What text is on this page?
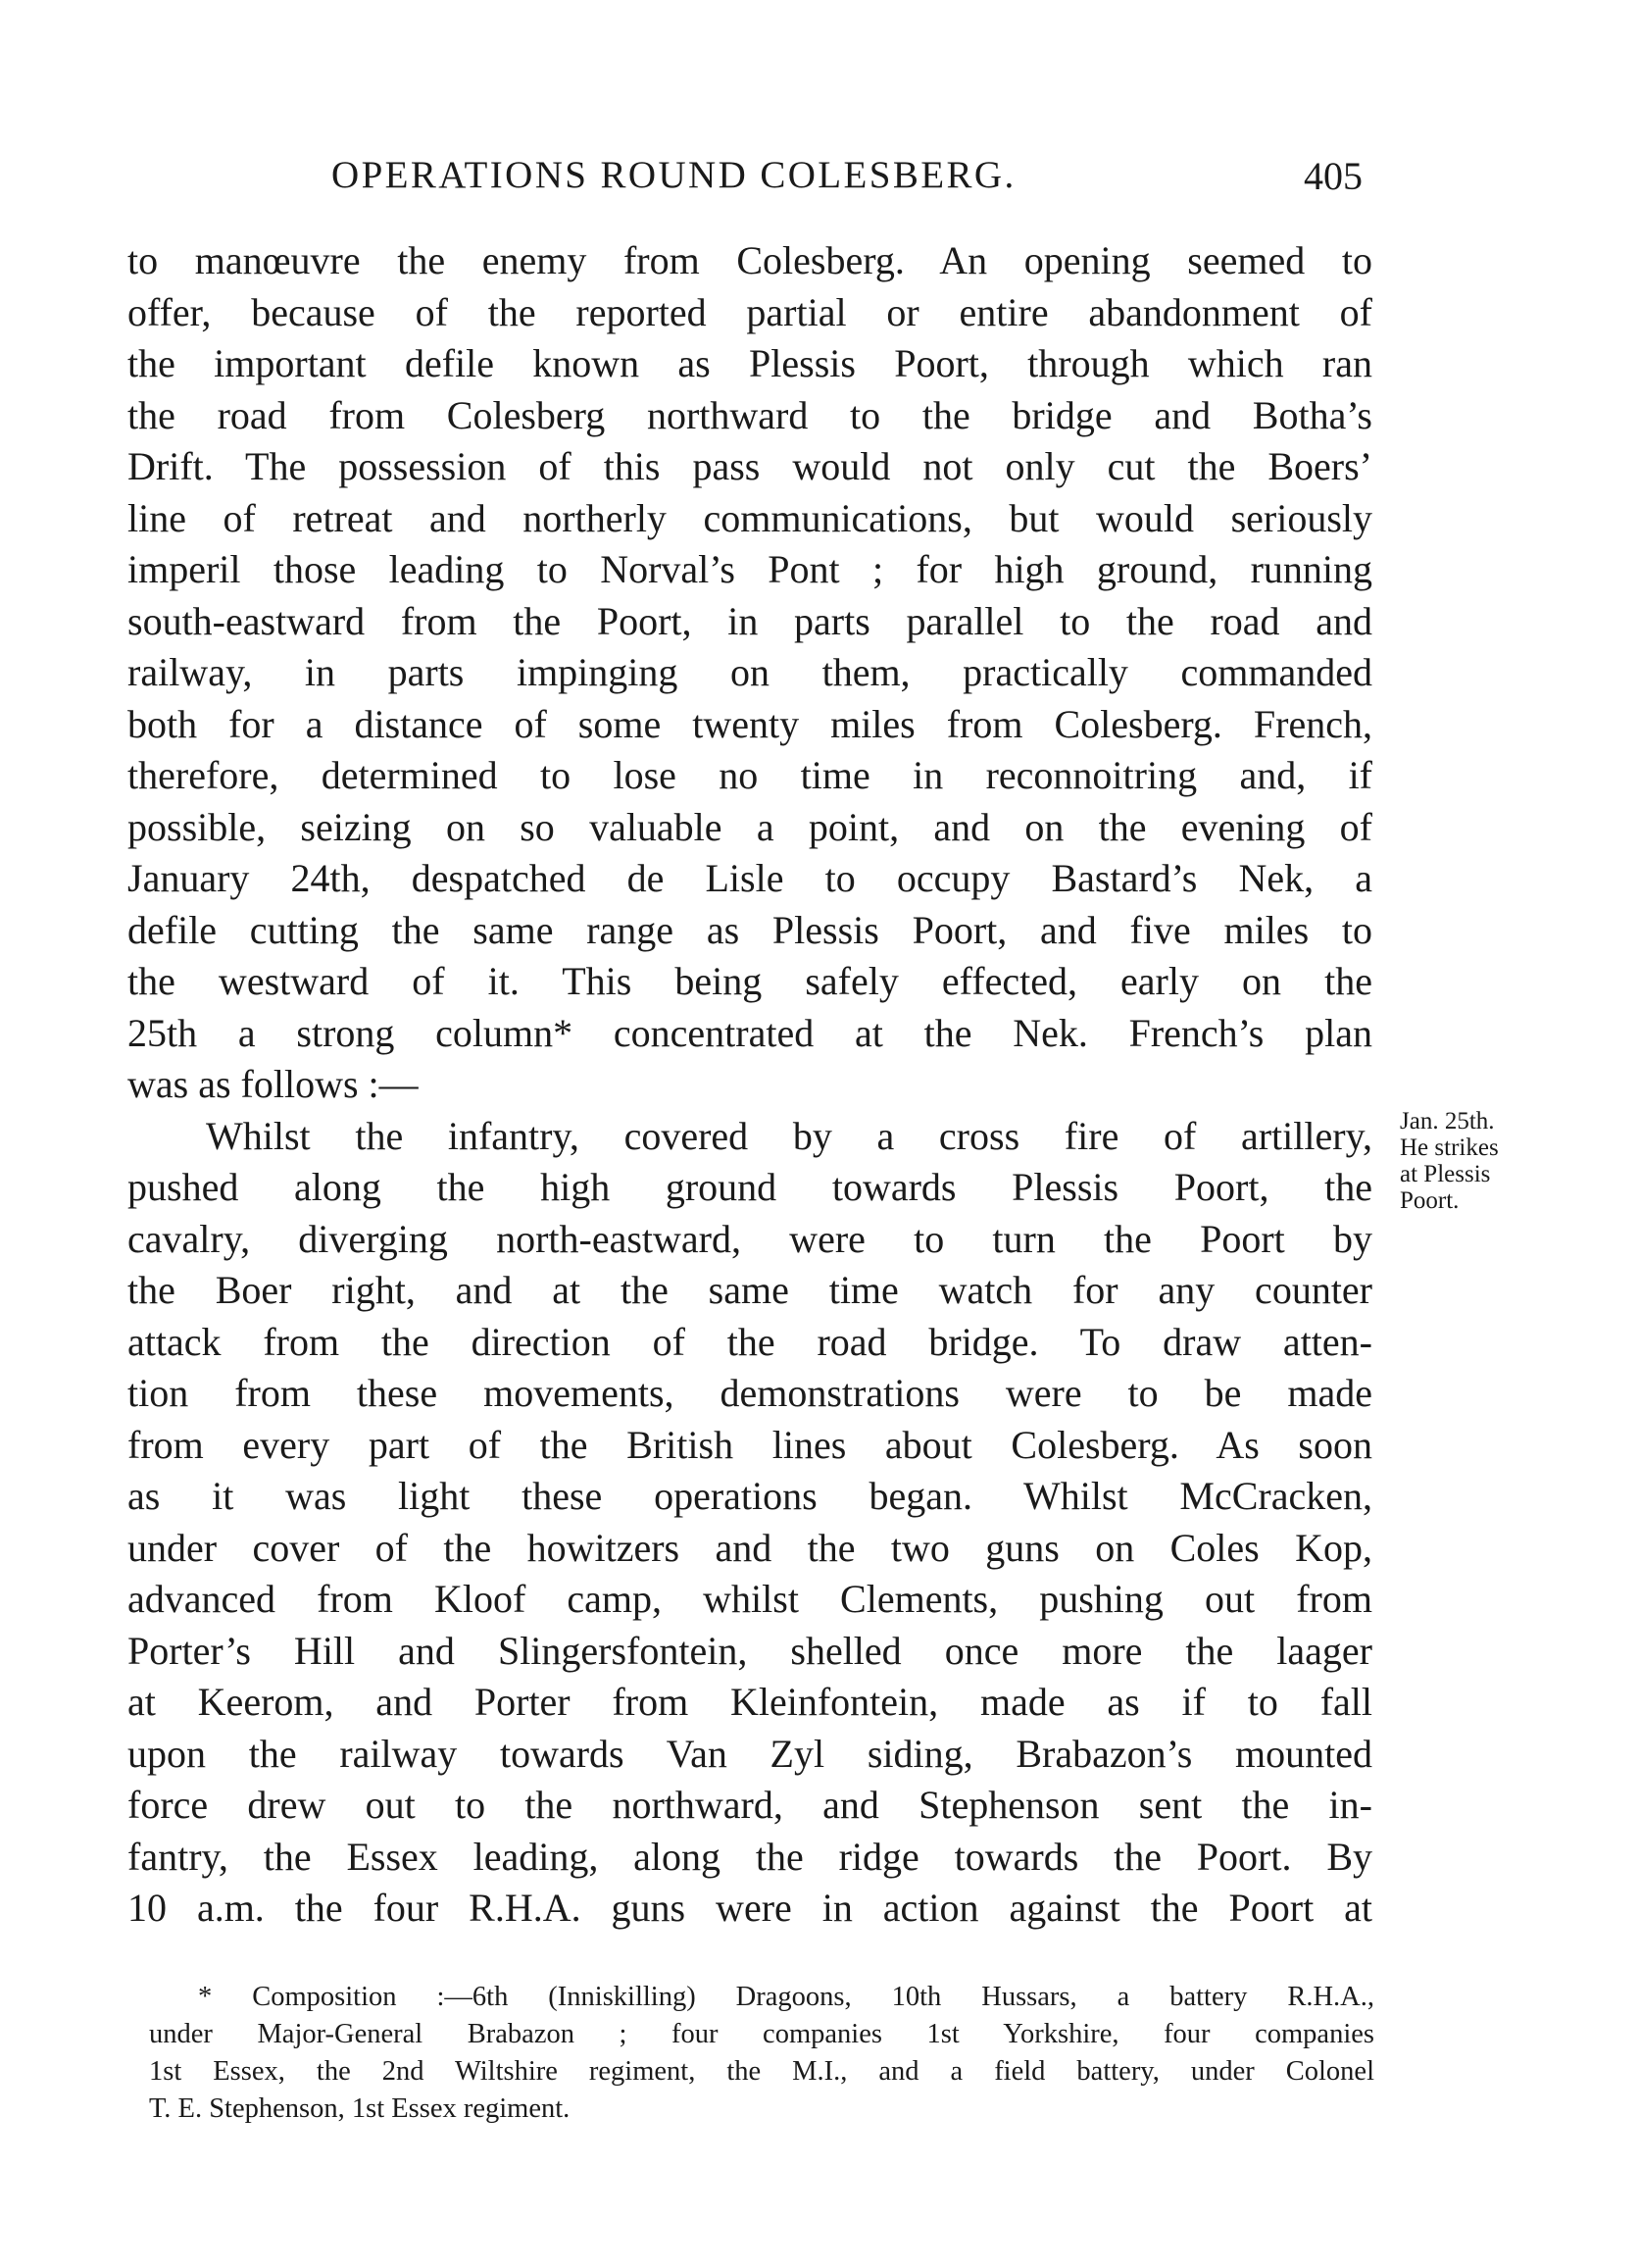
OPERATIONS ROUND COLESBERG.	405
to manœuvre the enemy from Colesberg. An opening seemed to
offer, because of the reported partial or entire abandonment of
the important defile known as Plessis Poort, through which ran
the road from Colesberg northward to the bridge and Botha’s
Drift. The possession of this pass would not only cut the Boers’
line of retreat and northerly communications, but would seriously
imperil those leading to Norval’s Pont ; for high ground, running
south-eastward from the Poort, in parts parallel to the road and
railway, in parts impinging on them, practically commanded
both for a distance of some twenty miles from Colesberg. French,
therefore, determined to lose no time in reconnoitring and, if
possible, seizing on so valuable a point, and on the evening of
January 24th, despatched de Lisle to occupy Bastard’s Nek, a
defile cutting the same range as Plessis Poort, and five miles to
the westward of it. This being safely effected, early on the
25th a strong column* concentrated at the Nek. French’s plan
was as follows :—
Whilst the infantry, covered by a cross fire of artillery,
pushed along the high ground towards Plessis Poort, the
cavalry, diverging north-eastward, were to turn the Poort by
the Boer right, and at the same time watch for any counter
attack from the direction of the road bridge. To draw atten-
tion from these movements, demonstrations were to be made
from every part of the British lines about Colesberg. As soon
as it was light these operations began. Whilst McCracken,
under cover of the howitzers and the two guns on Coles Kop,
advanced from Kloof camp, whilst Clements, pushing out from
Porter’s Hill and Slingersfontein, shelled once more the laager
at Keerom, and Porter from Kleinfontein, made as if to fall
upon the railway towards Van Zyl siding, Brabazon’s mounted
force drew out to the northward, and Stephenson sent the in-
fantry, the Essex leading, along the ridge towards the Poort. By
10 a.m. the four R.H.A. guns were in action against the Poort at
Jan. 25th.
He strikes
at Plessis
Poort.
* Composition :—6th (Inniskilling) Dragoons, 10th Hussars, a battery R.H.A.,
under Major-General Brabazon ; four companies 1st Yorkshire, four companies
1st Essex, the 2nd Wiltshire regiment, the M.I., and a field battery, under Colonel
T. E. Stephenson, 1st Essex regiment.
